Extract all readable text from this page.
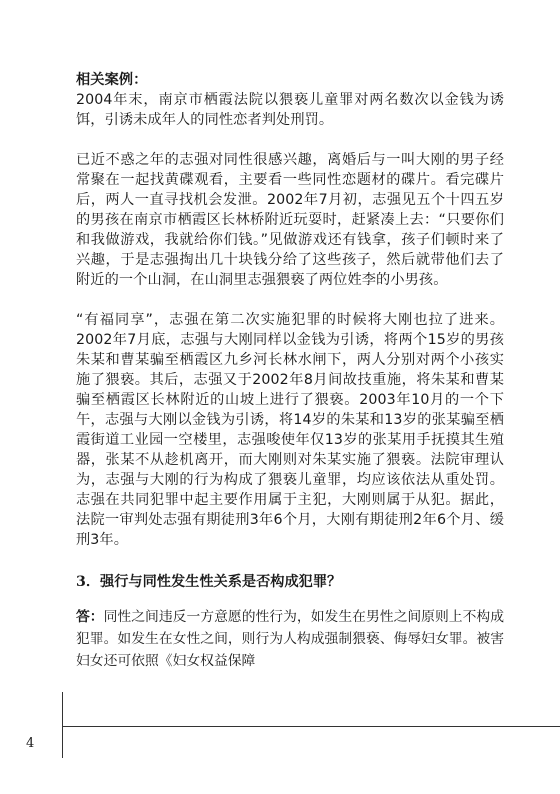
相关案例：

2004年末，南京市栖霞法院以猥亵儿童罪对两名数次以金钱为诱饵，引诱未成年人的同性恋者判处刑罚。

已近不惑之年的志强对同性很感兴趣，离婚后与一叫大刚的男子经常聚在一起找黄碟观看，主要看一些同性恋题材的碟片。看完碟片后，两人一直寻找机会发泄。2002年7月初，志强见五个十四五岁的男孩在南京市栖霞区长林桥附近玩耍时，赶紧凑上去：“只要你们和我做游戏，我就给你们钱。”见做游戏还有钱拿，孩子们顿时来了兴趣，于是志强掏出几十块钱分给了这些孩子，然后就带他们去了附近的一个山洞，在山洞里志强猥亵了两位姓李的小男孩。

“有福同享”，志强在第二次实施犯罪的时候将大刚也拉了进来。2002年7月底，志强与大刚同样以金钱为引诱，将两个15岁的男孩朱某和曹某骗至栖霞区九乡河长林水闸下，两人分别对两个小孩实施了猥亵。其后，志强又于2002年8月间故技重施，将朱某和曹某骗至栖霞区长林附近的山坡上进行了猥亵。2003年10月的一个下午，志强与大刚以金钱为引诱，将14岁的朱某和13岁的张某骗至栖霞街道工业园一空楼里，志强唆使年仅13岁的张某用手抚摸其生殖器，张某不从趁机离开，而大刚则对朱某实施了猥亵。法院审理认为，志强与大刚的行为构成了猥亵儿童罪，均应该依法从重处罚。志强在共同犯罪中起主要作用属于主犯，大刚则属于从犯。据此，法院一审判处志强有期徒刑3年6个月，大刚有期徒刑2年6个月、缓刑3年。

3．强行与同性发生性关系是否构成犯罪？

答：同性之间违反一方意愿的性行为，如发生在男性之间原则上不构成犯罪。如发生在女性之间，则行为人构成强制猥亵、侮辱妇女罪。被害妇女还可依照《妇女权益保障

4
